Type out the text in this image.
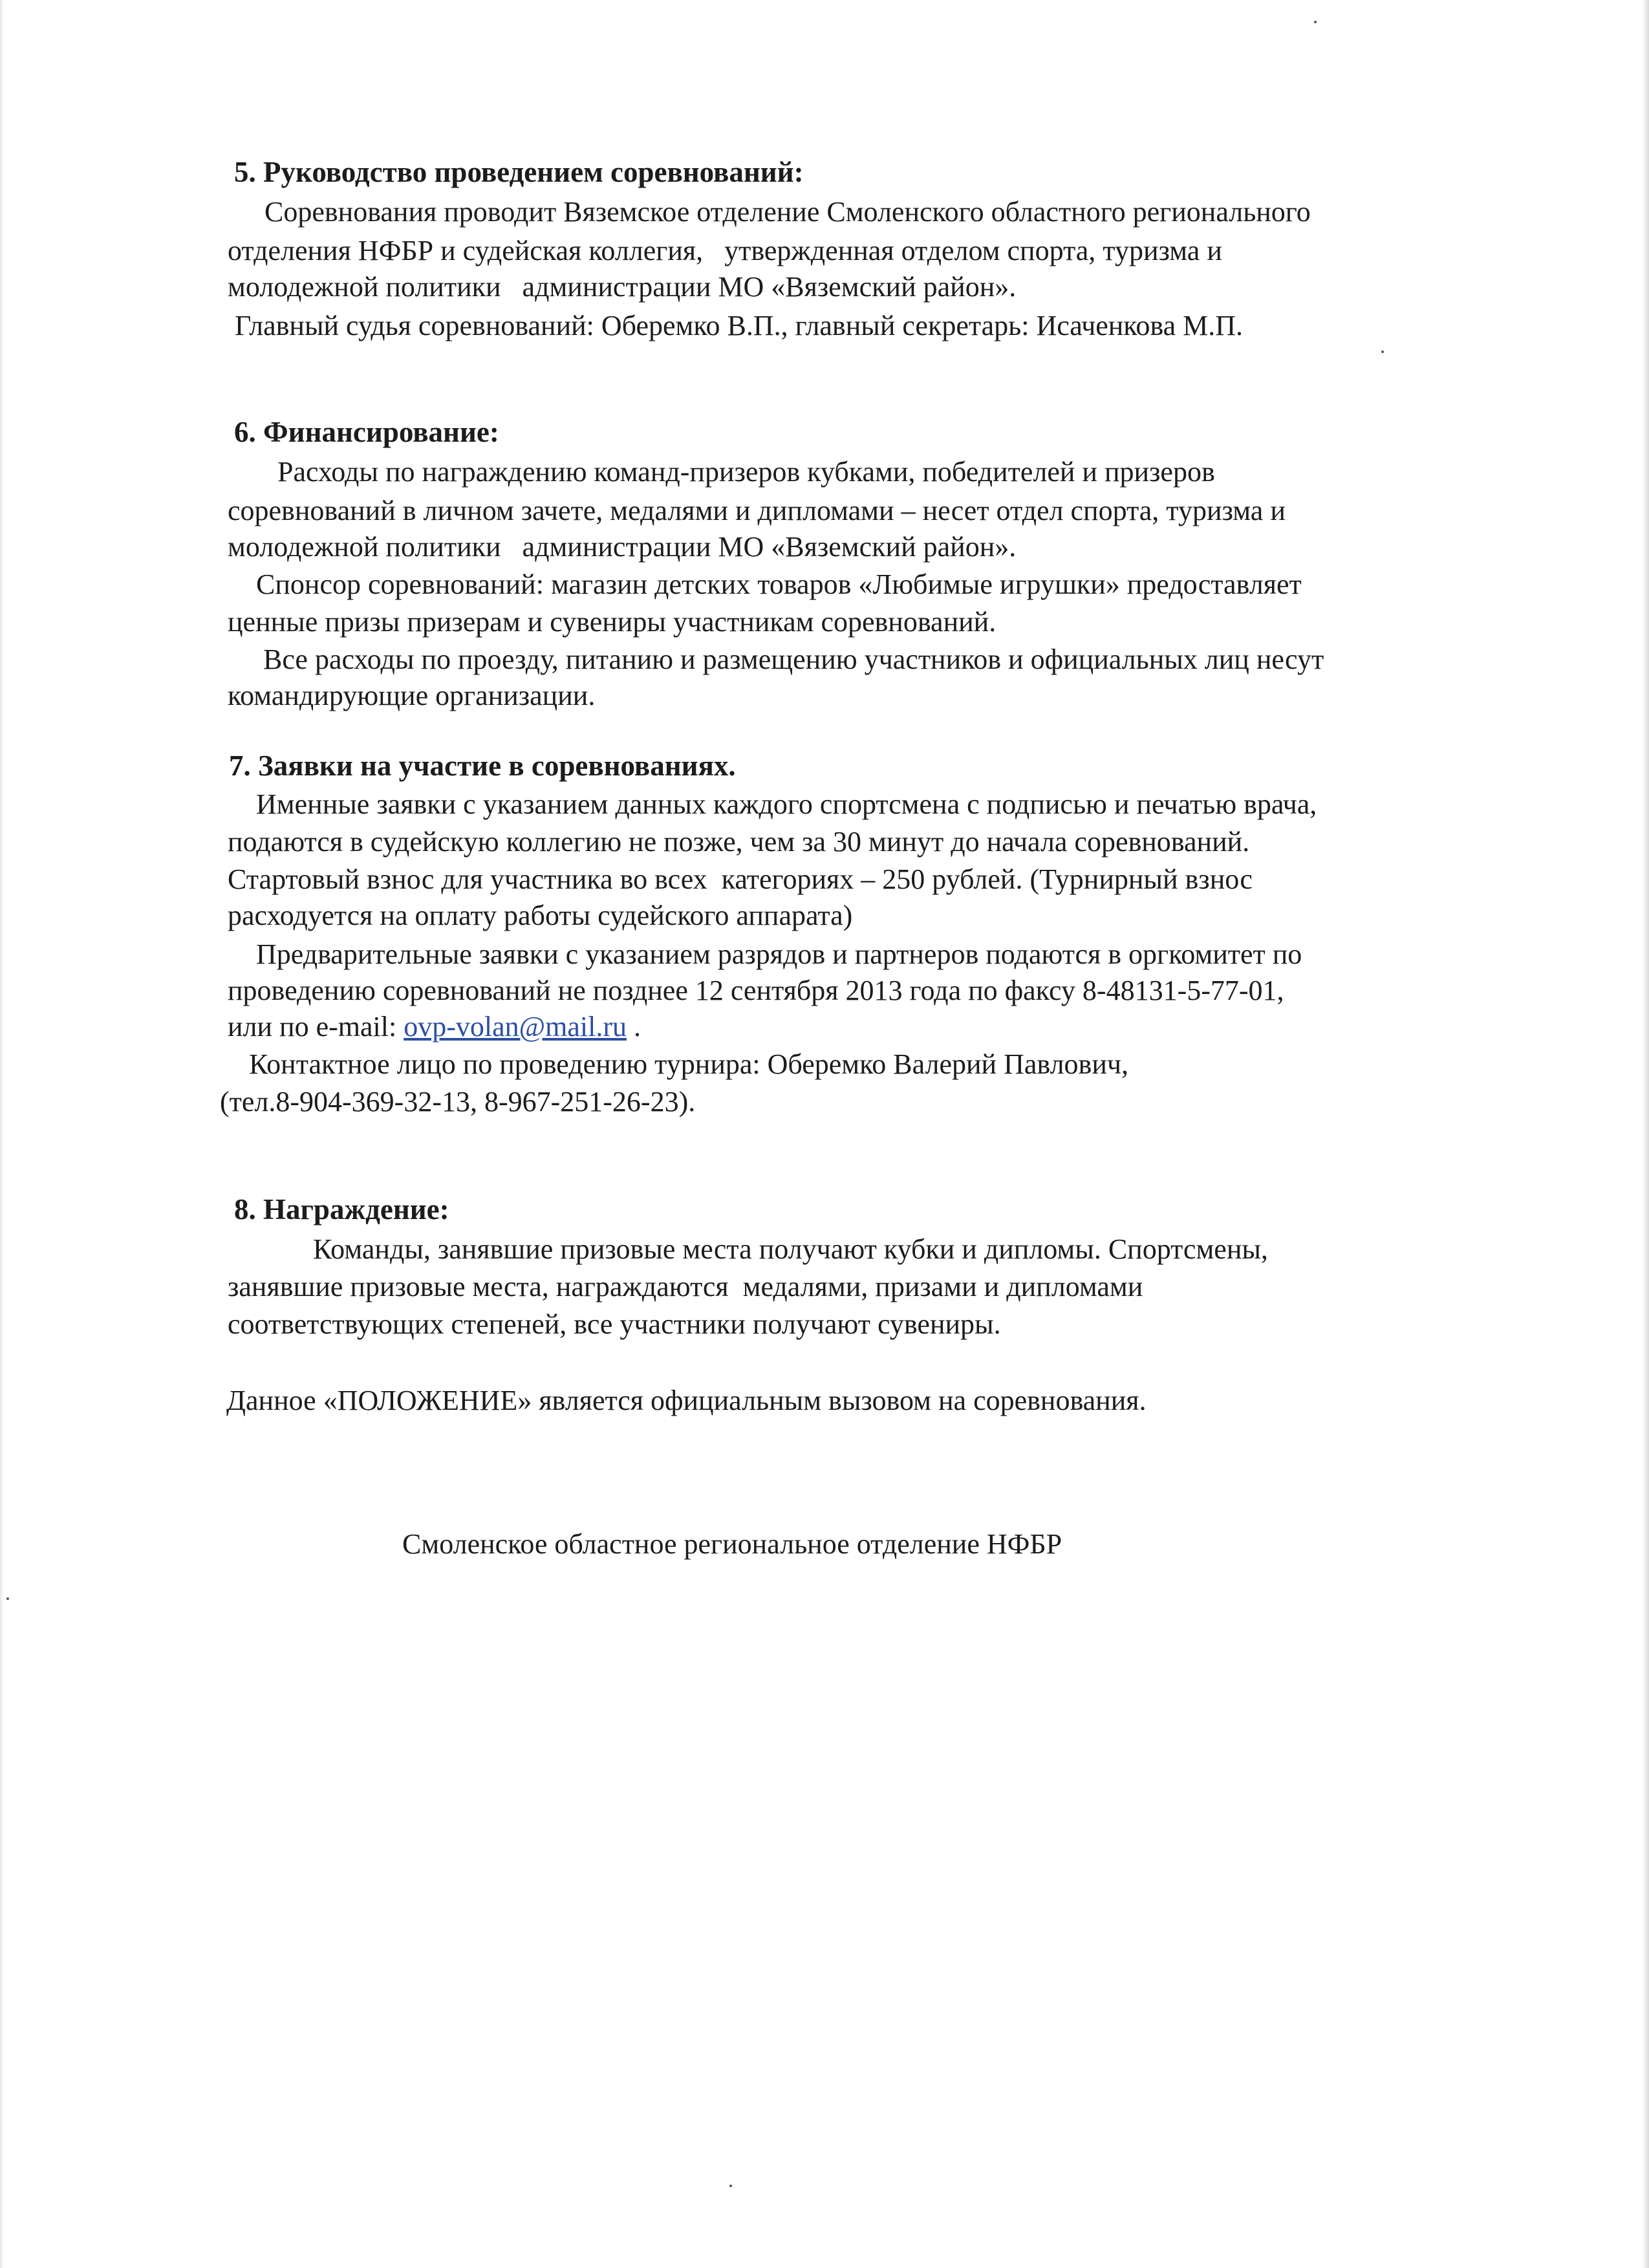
5. Руководство проведением соревнований:

Соревнования проводит Вяземское отделение Смоленского областного регионального

отделения НФБР и судейская коллегия,   утвержденная отделом спорта, туризма и

молодежной политики   администрации МО «Вяземский район».

Главный судья соревнований: Оберемко В.П., главный секретарь: Исаченкова М.П.

6. Финансирование:

Расходы по награждению команд-призеров кубками, победителей и призеров

соревнований в личном зачете, медалями и дипломами – несет отдел спорта, туризма и

молодежной политики   администрации МО «Вяземский район».

Спонсор соревнований: магазин детских товаров «Любимые игрушки» предоставляет

ценные призы призерам и сувениры участникам соревнований.

Все расходы по проезду, питанию и размещению участников и официальных лиц несут

командирующие организации.

7. Заявки на участие в соревнованиях.

Именные заявки с указанием данных каждого спортсмена с подписью и печатью врача,

подаются в судейскую коллегию не позже, чем за 30 минут до начала соревнований.

Стартовый взнос для участника во всех  категориях – 250 рублей. (Турнирный взнос

расходуется на оплату работы судейского аппарата)

Предварительные заявки с указанием разрядов и партнеров подаются в оргкомитет по

проведению соревнований не позднее 12 сентября 2013 года по факсу 8-48131-5-77-01,

или по e-mail: ovp-volan@mail.ru .

Контактное лицо по проведению турнира: Оберемко Валерий Павлович,

(тел.8-904-369-32-13, 8-967-251-26-23).

8. Награждение:

Команды, занявшие призовые места получают кубки и дипломы. Спортсмены,

занявшие призовые места, награждаются  медалями, призами и дипломами

соответствующих степеней, все участники получают сувениры.

Данное «ПОЛОЖЕНИЕ» является официальным вызовом на соревнования.

Смоленское областное региональное отделение НФБР
